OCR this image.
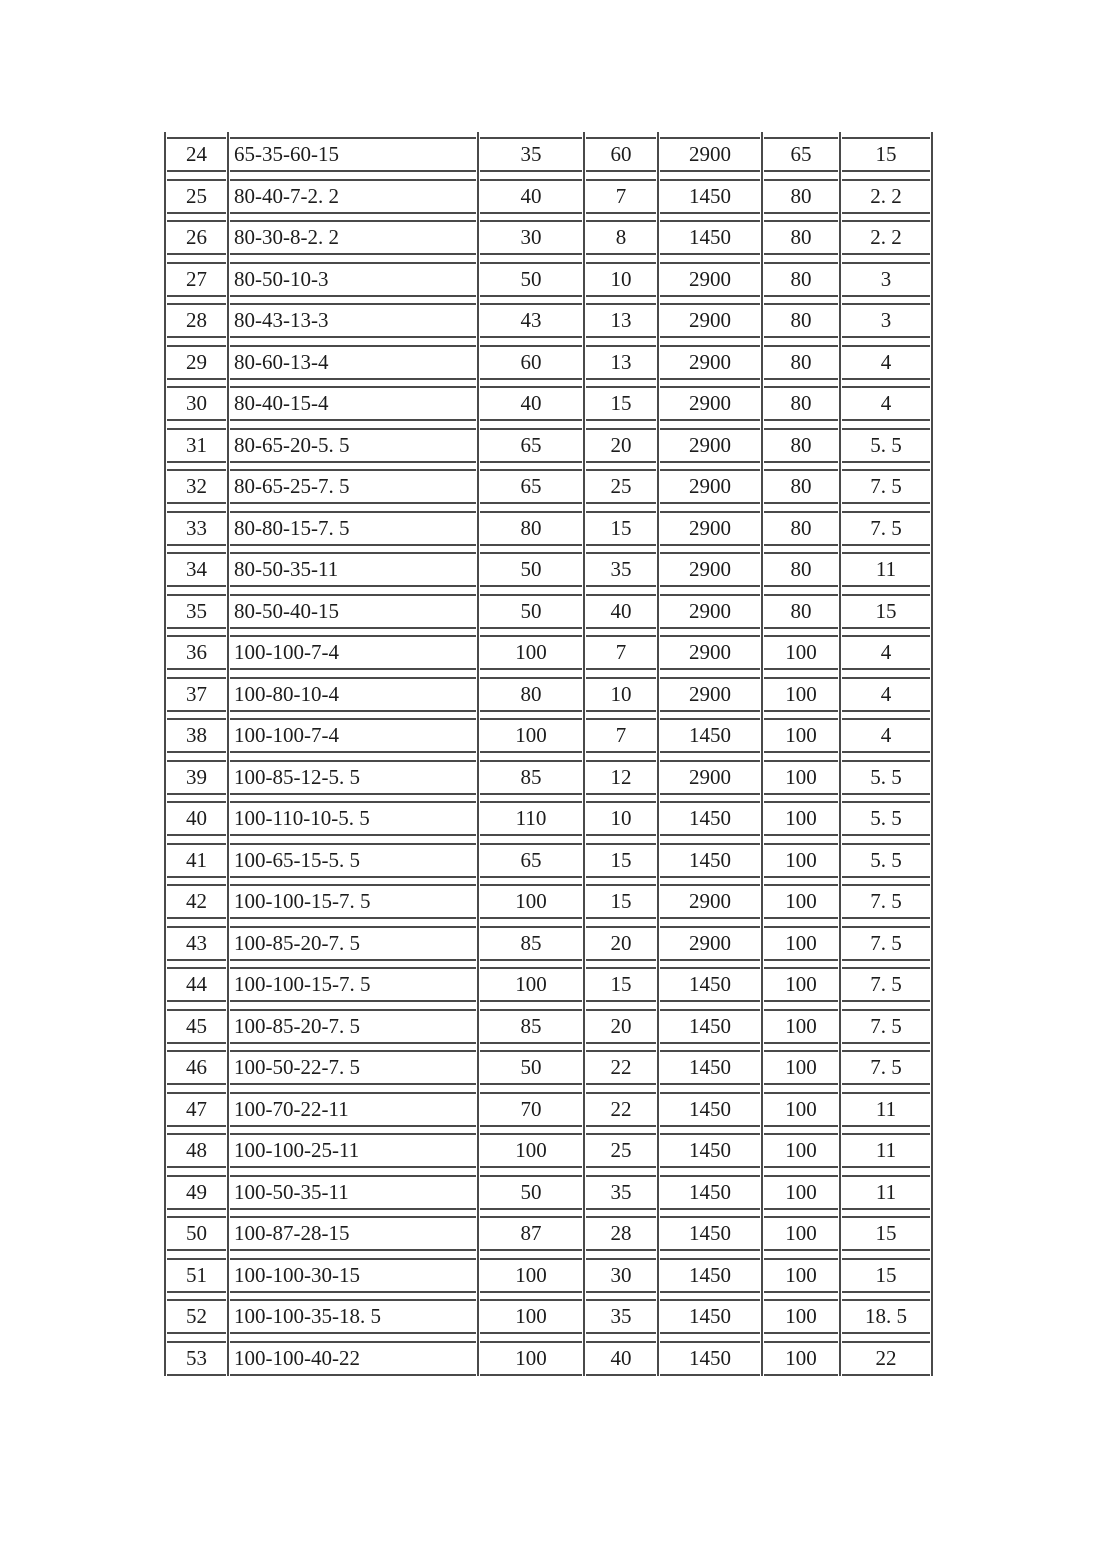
24	65-35-60-15	35	60	2900	65	15
25	80-40-7-2. 2	40	7	1450	80	2. 2
26	80-30-8-2. 2	30	8	1450	80	2. 2
27	80-50-10-3	50	10	2900	80	3
28	80-43-13-3	43	13	2900	80	3
29	80-60-13-4	60	13	2900	80	4
30	80-40-15-4	40	15	2900	80	4
31	80-65-20-5. 5	65	20	2900	80	5. 5
32	80-65-25-7. 5	65	25	2900	80	7. 5
33	80-80-15-7. 5	80	15	2900	80	7. 5
34	80-50-35-11	50	35	2900	80	11
35	80-50-40-15	50	40	2900	80	15
36	100-100-7-4	100	7	2900	100	4
37	100-80-10-4	80	10	2900	100	4
38	100-100-7-4	100	7	1450	100	4
39	100-85-12-5. 5	85	12	2900	100	5. 5
40	100-110-10-5. 5	110	10	1450	100	5. 5
41	100-65-15-5. 5	65	15	1450	100	5. 5
42	100-100-15-7. 5	100	15	2900	100	7. 5
43	100-85-20-7. 5	85	20	2900	100	7. 5
44	100-100-15-7. 5	100	15	1450	100	7. 5
45	100-85-20-7. 5	85	20	1450	100	7. 5
46	100-50-22-7. 5	50	22	1450	100	7. 5
47	100-70-22-11	70	22	1450	100	11
48	100-100-25-11	100	25	1450	100	11
49	100-50-35-11	50	35	1450	100	11
50	100-87-28-15	87	28	1450	100	15
51	100-100-30-15	100	30	1450	100	15
52	100-100-35-18. 5	100	35	1450	100	18. 5
53	100-100-40-22	100	40	1450	100	22
